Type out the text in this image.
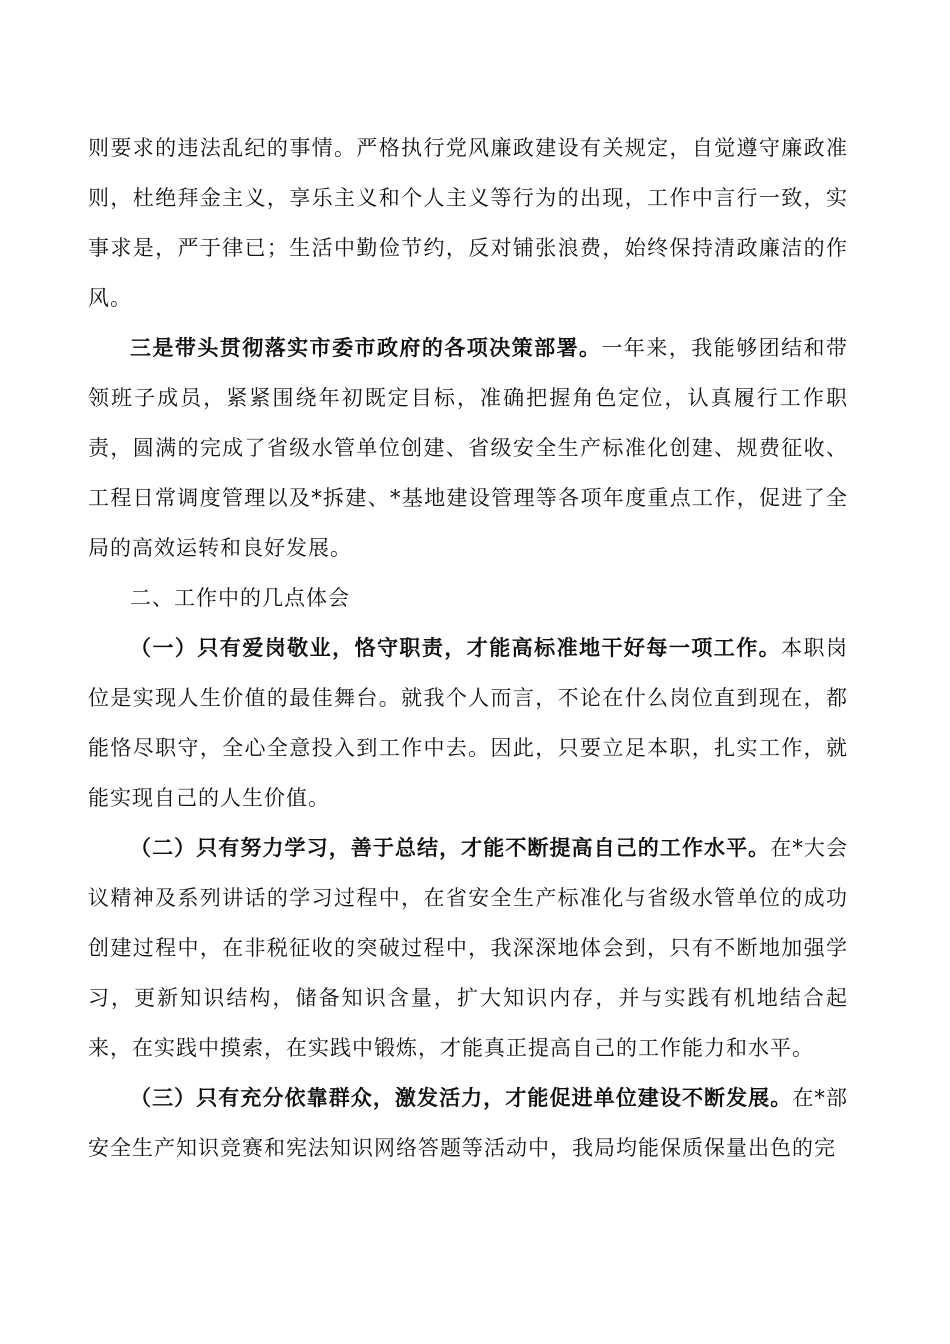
则要求的违法乱纪的事情。严格执行党风廉政建设有关规定，自觉遵守廉政准则，杜绝拜金主义，享乐主义和个人主义等行为的出现，工作中言行一致，实事求是，严于律已；生活中勤俭节约，反对铺张浪费，始终保持清政廉洁的作风。

三是带头贯彻落实市委市政府的各项决策部署。一年来，我能够团结和带领班子成员，紧紧围绕年初既定目标，准确把握角色定位，认真履行工作职责，圆满的完成了省级水管单位创建、省级安全生产标准化创建、规费征收、工程日常调度管理以及*拆建、*基地建设管理等各项年度重点工作，促进了全局的高效运转和良好发展。

二、工作中的几点体会

（一）只有爱岗敬业，恪守职责，才能高标准地干好每一项工作。本职岗位是实现人生价值的最佳舞台。就我个人而言，不论在什么岗位直到现在，都能恪尽职守，全心全意投入到工作中去。因此，只要立足本职，扎实工作，就能实现自己的人生价值。

（二）只有努力学习，善于总结，才能不断提高自己的工作水平。在*大会议精神及系列讲话的学习过程中，在省安全生产标准化与省级水管单位的成功创建过程中，在非税征收的突破过程中，我深深地体会到，只有不断地加强学习，更新知识结构，储备知识含量，扩大知识内存，并与实践有机地结合起来，在实践中摸索，在实践中锻炼，才能真正提高自己的工作能力和水平。

（三）只有充分依靠群众，激发活力，才能促进单位建设不断发展。在*部安全生产知识竞赛和宪法知识网络答题等活动中，我局均能保质保量出色的完
